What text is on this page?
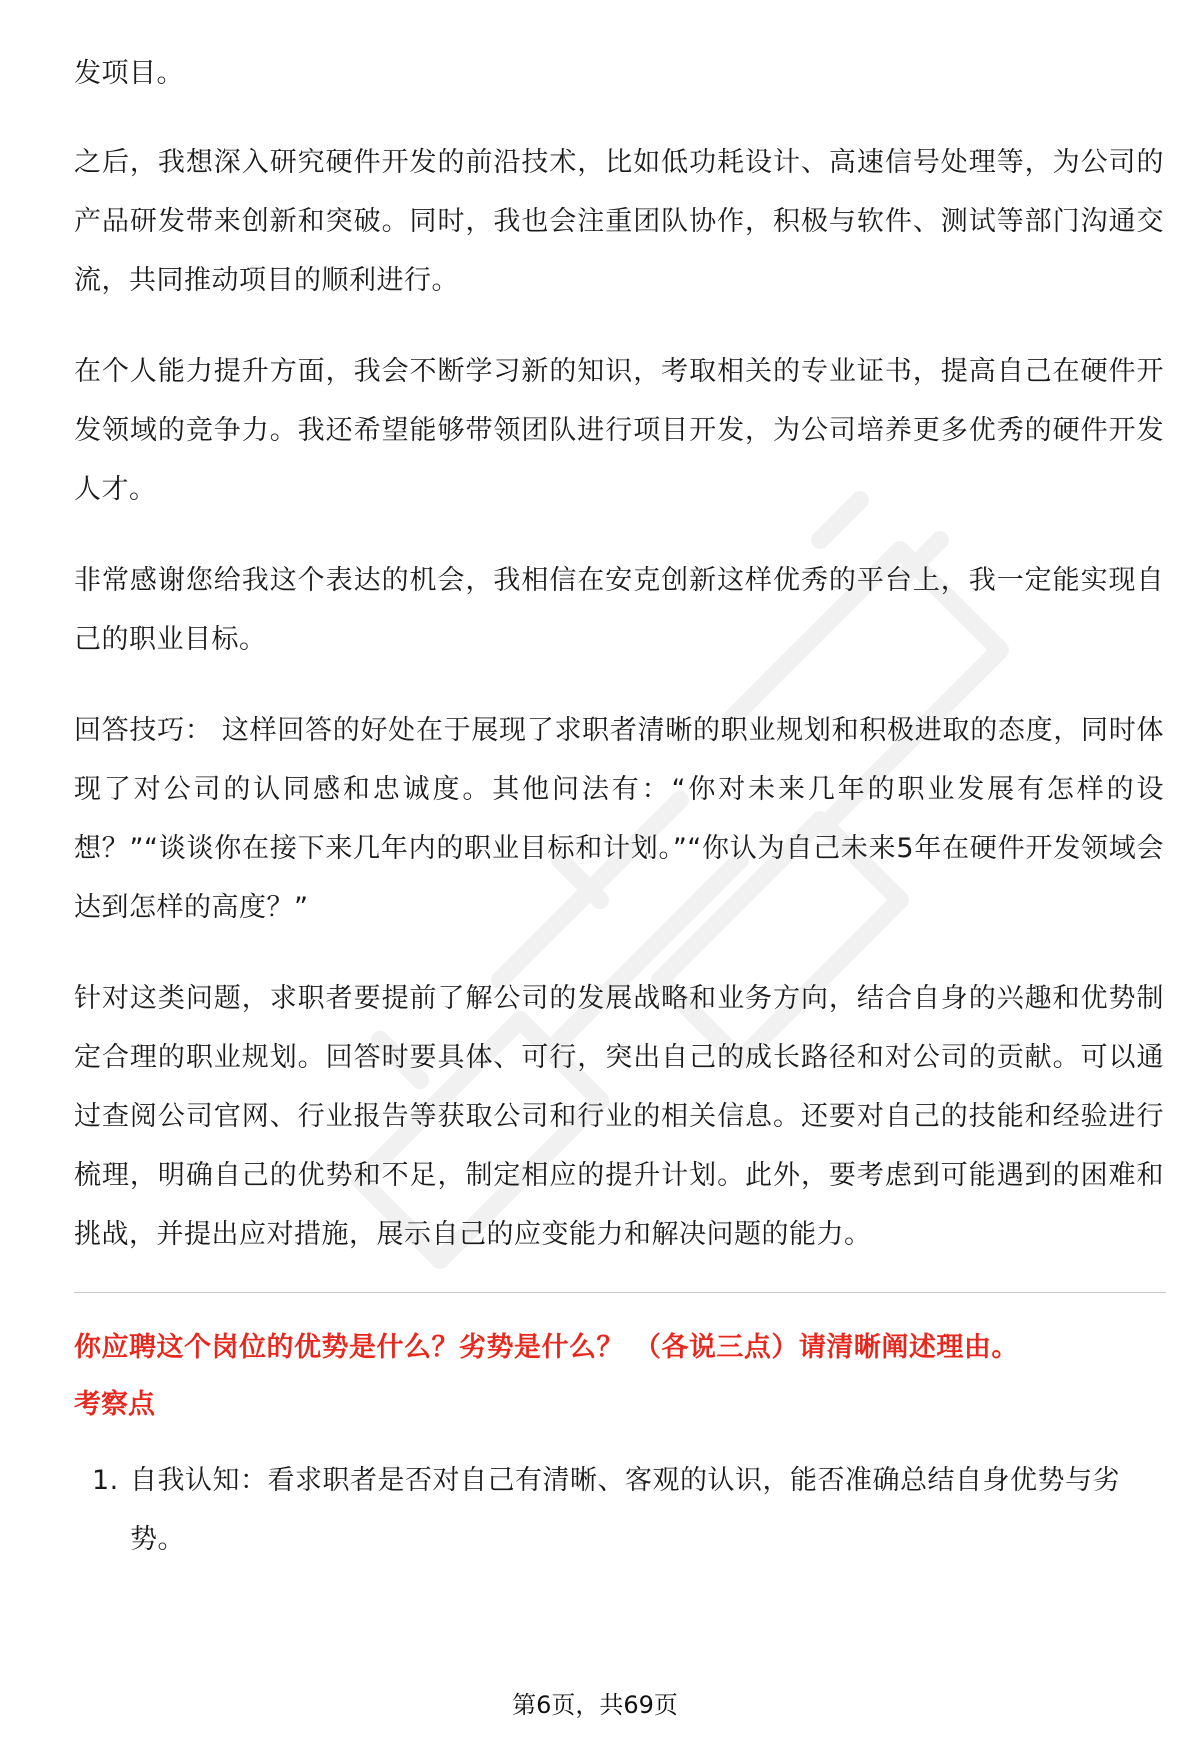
发项目。

之后，我想深入研究硬件开发的前沿技术，比如低功耗设计、高速信号处理等，为公司的产品研发带来创新和突破。同时，我也会注重团队协作，积极与软件、测试等部门沟通交流，共同推动项目的顺利进行。

在个人能力提升方面，我会不断学习新的知识，考取相关的专业证书，提高自己在硬件开发领域的竞争力。我还希望能够带领团队进行项目开发，为公司培养更多优秀的硬件开发人才。

非常感谢您给我这个表达的机会，我相信在安克创新这样优秀的平台上，我一定能实现自己的职业目标。

回答技巧： 这样回答的好处在于展现了求职者清晰的职业规划和积极进取的态度，同时体现了对公司的认同感和忠诚度。其他问法有：“你对未来几年的职业发展有怎样的设想？”“谈谈你在接下来几年内的职业目标和计划。”“你认为自己未来5年在硬件开发领域会达到怎样的高度？”

针对这类问题，求职者要提前了解公司的发展战略和业务方向，结合自身的兴趣和优势制定合理的职业规划。回答时要具体、可行，突出自己的成长路径和对公司的贡献。可以通过查阅公司官网、行业报告等获取公司和行业的相关信息。还要对自己的技能和经验进行梳理，明确自己的优势和不足，制定相应的提升计划。此外，要考虑到可能遇到的困难和挑战，并提出应对措施，展示自己的应变能力和解决问题的能力。

你应聘这个岗位的优势是什么？劣势是什么？ （各说三点）请清晰阐述理由。

考察点

1. 自我认知：看求职者是否对自己有清晰、客观的认识，能否准确总结自身优势与劣势。
第6页，共69页
